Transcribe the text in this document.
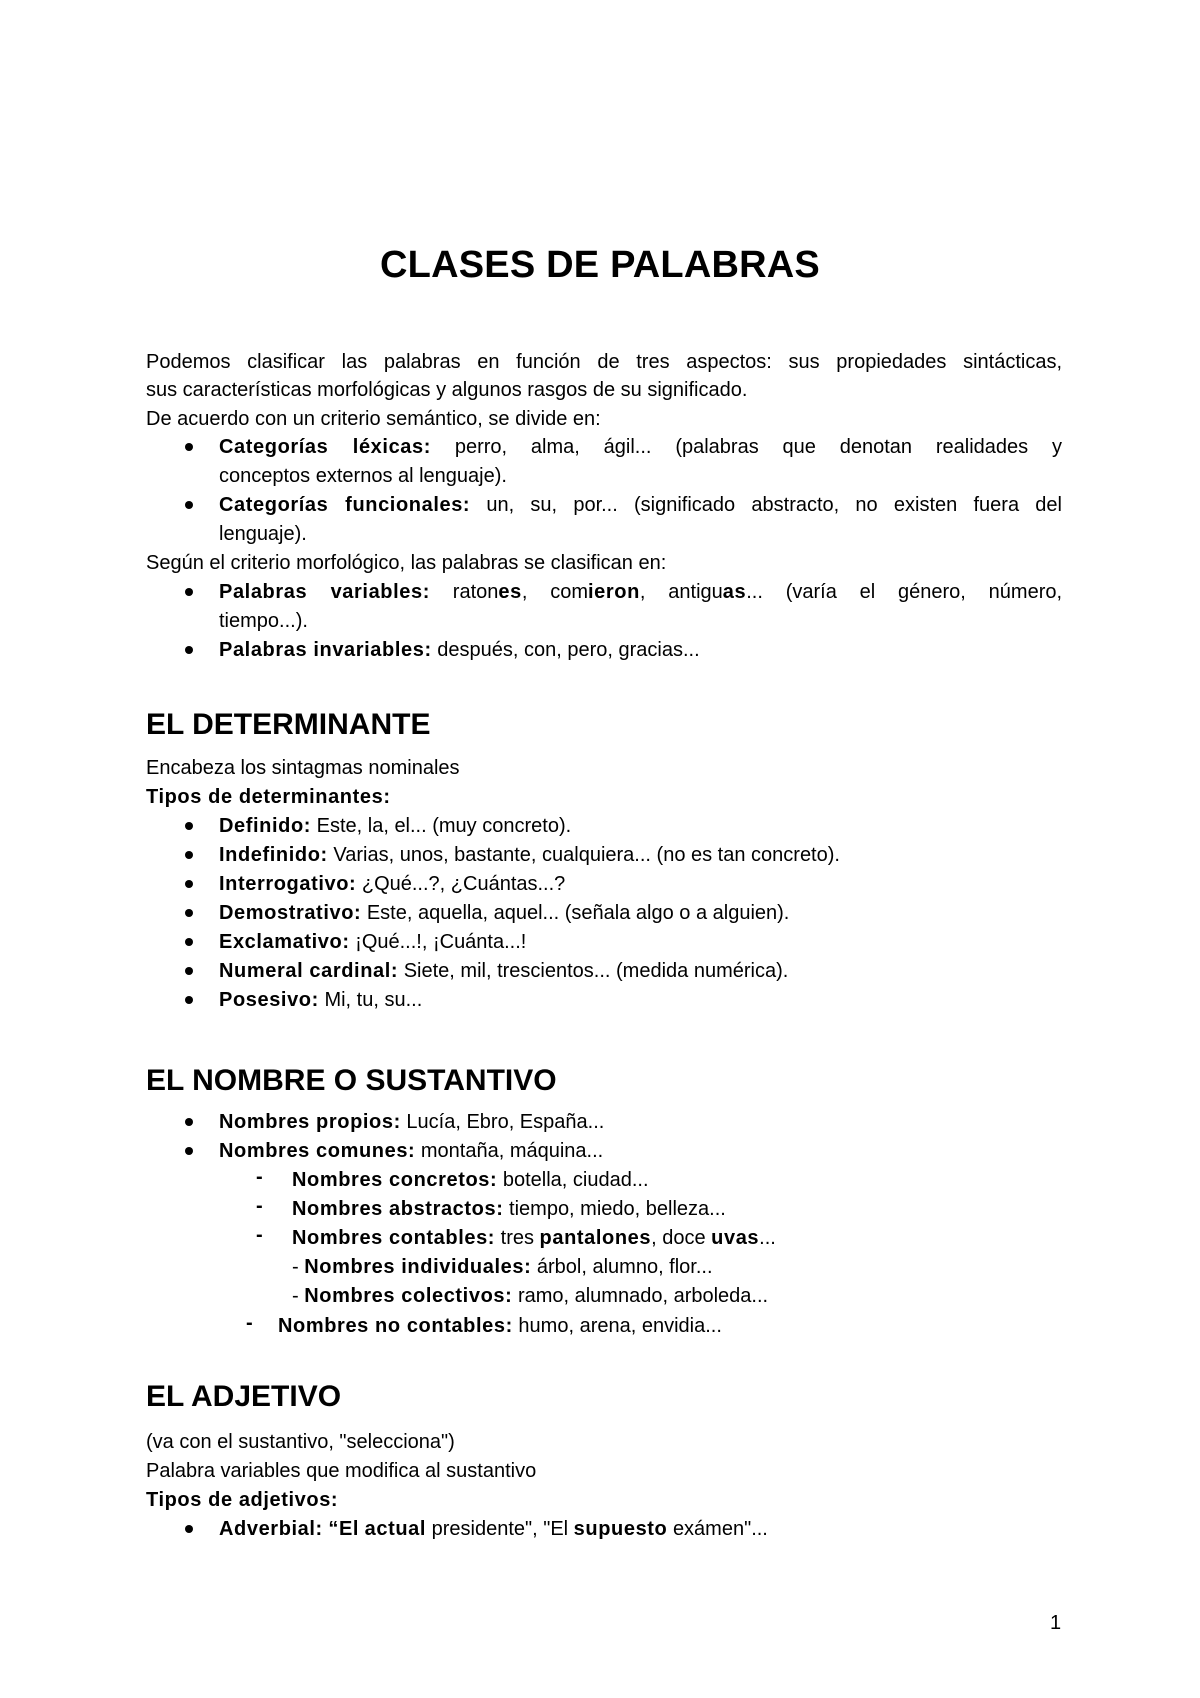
CLASES DE PALABRAS
Podemos clasificar las palabras en función de tres aspectos: sus propiedades sintácticas,
sus características morfológicas y algunos rasgos de su significado.
De acuerdo con un criterio semántico, se divide en:
Categorías léxicas: perro, alma, ágil... (palabras que denotan realidades y
conceptos externos al lenguaje).
Categorías funcionales: un, su, por... (significado abstracto, no existen fuera del
lenguaje).
Según el criterio morfológico, las palabras se clasifican en:
Palabras variables: ratones, comieron, antiguas... (varía el género, número,
tiempo...).
Palabras invariables: después, con, pero, gracias...
EL DETERMINANTE
Encabeza los sintagmas nominales
Tipos de determinantes:
Definido: Este, la, el... (muy concreto).
Indefinido: Varias, unos, bastante, cualquiera... (no es tan concreto).
Interrogativo: ¿Qué...?, ¿Cuántas...?
Demostrativo: Este, aquella, aquel... (señala algo o a alguien).
Exclamativo: ¡Qué...!, ¡Cuánta...!
Numeral cardinal: Siete, mil, trescientos... (medida numérica).
Posesivo: Mi, tu, su...
EL NOMBRE O SUSTANTIVO
Nombres propios: Lucía, Ebro, España...
Nombres comunes: montaña, máquina...
- Nombres concretos: botella, ciudad...
- Nombres abstractos: tiempo, miedo, belleza...
- Nombres contables: tres pantalones, doce uvas...
- Nombres individuales: árbol, alumno, flor...
- Nombres colectivos: ramo, alumnado, arboleda...
- Nombres no contables: humo, arena, envidia...
EL ADJETIVO
(va con el sustantivo, "selecciona")
Palabra variables que modifica al sustantivo
Tipos de adjetivos:
Adverbial: “El actual presidente", "El supuesto exámen"...
1
